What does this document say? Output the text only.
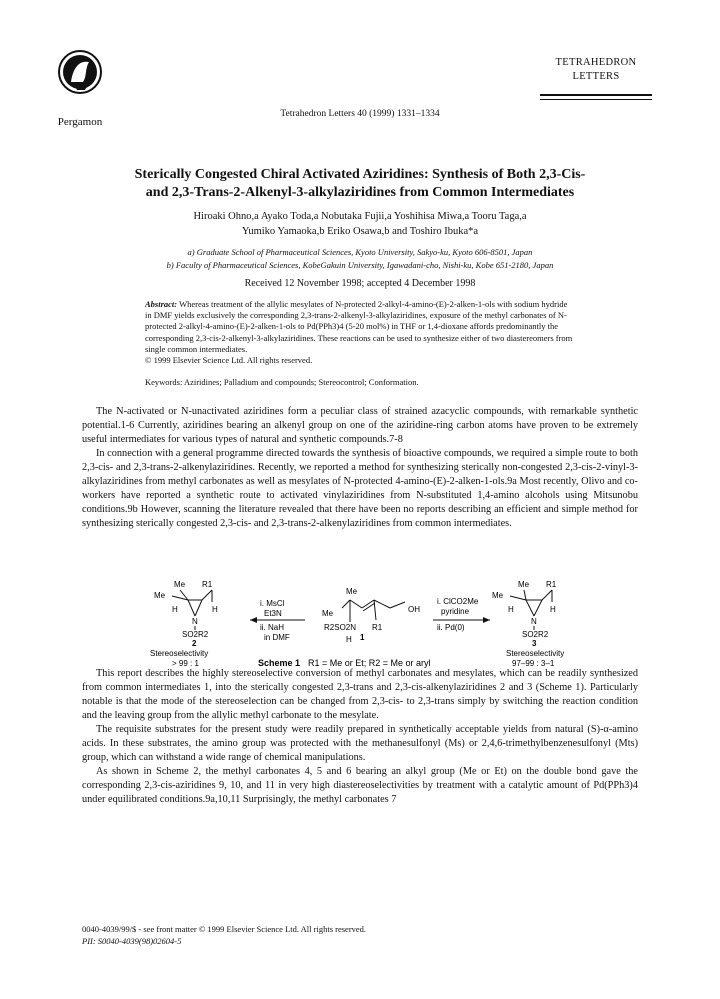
Pergamon
Tetrahedron Letters 40 (1999) 1331–1334
TETRAHEDRON
LETTERS
Sterically Congested Chiral Activated Aziridines: Synthesis of Both 2,3-Cis-
and 2,3-Trans-2-Alkenyl-3-alkylaziridines from Common Intermediates
Hiroaki Ohno,a Ayako Toda,a Nobutaka Fujii,a Yoshihisa Miwa,a Tooru Taga,a
Yumiko Yamaoka,b Eriko Osawa,b and Toshiro Ibuka*a
a) Graduate School of Pharmaceutical Sciences, Kyoto University, Sakyo-ku, Kyoto 606-8501, Japan
b) Faculty of Pharmaceutical Sciences, KobeGakuin University, Igawadani-cho, Nishi-ku, Kobe 651-2180, Japan
Received 12 November 1998; accepted 4 December 1998
Abstract: Whereas treatment of the allylic mesylates of N-protected 2-alkyl-4-amino-(E)-2-alken-1-ols with sodium hydride in DMF yields exclusively the corresponding 2,3-trans-2-alkenyl-3-alkylaziridines, exposure of the methyl carbonates of N-protected 2-alkyl-4-amino-(E)-2-alken-1-ols to Pd(PPh3)4 (5-20 mol%) in THF or 1,4-dioxane affords predominantly the corresponding 2,3-cis-2-alkenyl-3-alkylaziridines. These reactions can be used to synthesize either of two diastereomers from single common intermediates.
© 1999 Elsevier Science Ltd. All rights reserved.
Keywords: Aziridines; Palladium and compounds; Stereocontrol; Conformation.

The N-activated or N-unactivated aziridines form a peculiar class of strained azacyclic compounds, with remarkable synthetic potential.1-6 Currently, aziridines bearing an alkenyl group on one of the aziridine-ring carbon atoms have proven to be extremely useful intermediates for various types of natural and synthetic compounds.7-8

In connection with a general programme directed towards the synthesis of bioactive compounds, we required a simple route to both 2,3-cis- and 2,3-trans-2-alkenylaziridines. Recently, we reported a method for synthesizing sterically non-congested 2,3-cis-2-vinyl-3-alkylaziridines from methyl carbonates as well as mesylates of N-protected 4-amino-(E)-2-alken-1-ols.9a Most recently, Olivo and co-workers have reported a synthetic route to activated vinylaziridines from N-substituted 1,4-amino alcohols using Mitsunobu conditions.9b However, scanning the literature revealed that there have been no reports describing an efficient and simple method for synthesizing sterically congested 2,3-cis- and 2,3-trans-2-alkenylaziridines from common intermediates.

Me R1
Me
H	H
N
SO2R2
2
Stereoselectivity
> 99 : 1
i. MsCl
Et3N
ii. NaH
in DMF
Me
Me	OH
R2SO2N
H
R1
1
i. ClCO2Me
pyridine
ii. Pd(0)
Me R1
Me
H	H
N
SO2R2
3
Stereoselectivity
97–99 : 3–1
Scheme 1 R1 = Me or Et; R2 = Me or aryl

This report describes the highly stereoselective conversion of methyl carbonates and mesylates, which can be readily synthesized from common intermediates 1, into the sterically congested 2,3-trans and 2,3-cis-alkenylaziridines 2 and 3 (Scheme 1). Particularly notable is that the mode of the stereoselection can be changed from 2,3-cis- to 2,3-trans simply by switching the reaction condition and the leaving group from the allylic methyl carbonate to the mesylate.

The requisite substrates for the present study were readily prepared in synthetically acceptable yields from natural (S)-α-amino acids. In these substrates, the amino group was protected with the methanesulfonyl (Ms) or 2,4,6-trimethylbenzenesulfonyl (Mts) group, which can withstand a wide range of chemical manipulations.

As shown in Scheme 2, the methyl carbonates 4, 5 and 6 bearing an alkyl group (Me or Et) on the double bond gave the corresponding 2,3-cis-aziridines 9, 10, and 11 in very high diastereoselectivities by treatment with a catalytic amount of Pd(PPh3)4 under equilibrated conditions.9a,10,11 Surprisingly, the methyl carbonates 7

0040-4039/99/$ - see front matter © 1999 Elsevier Science Ltd. All rights reserved.
PII: S0040-4039(98)02604-5
